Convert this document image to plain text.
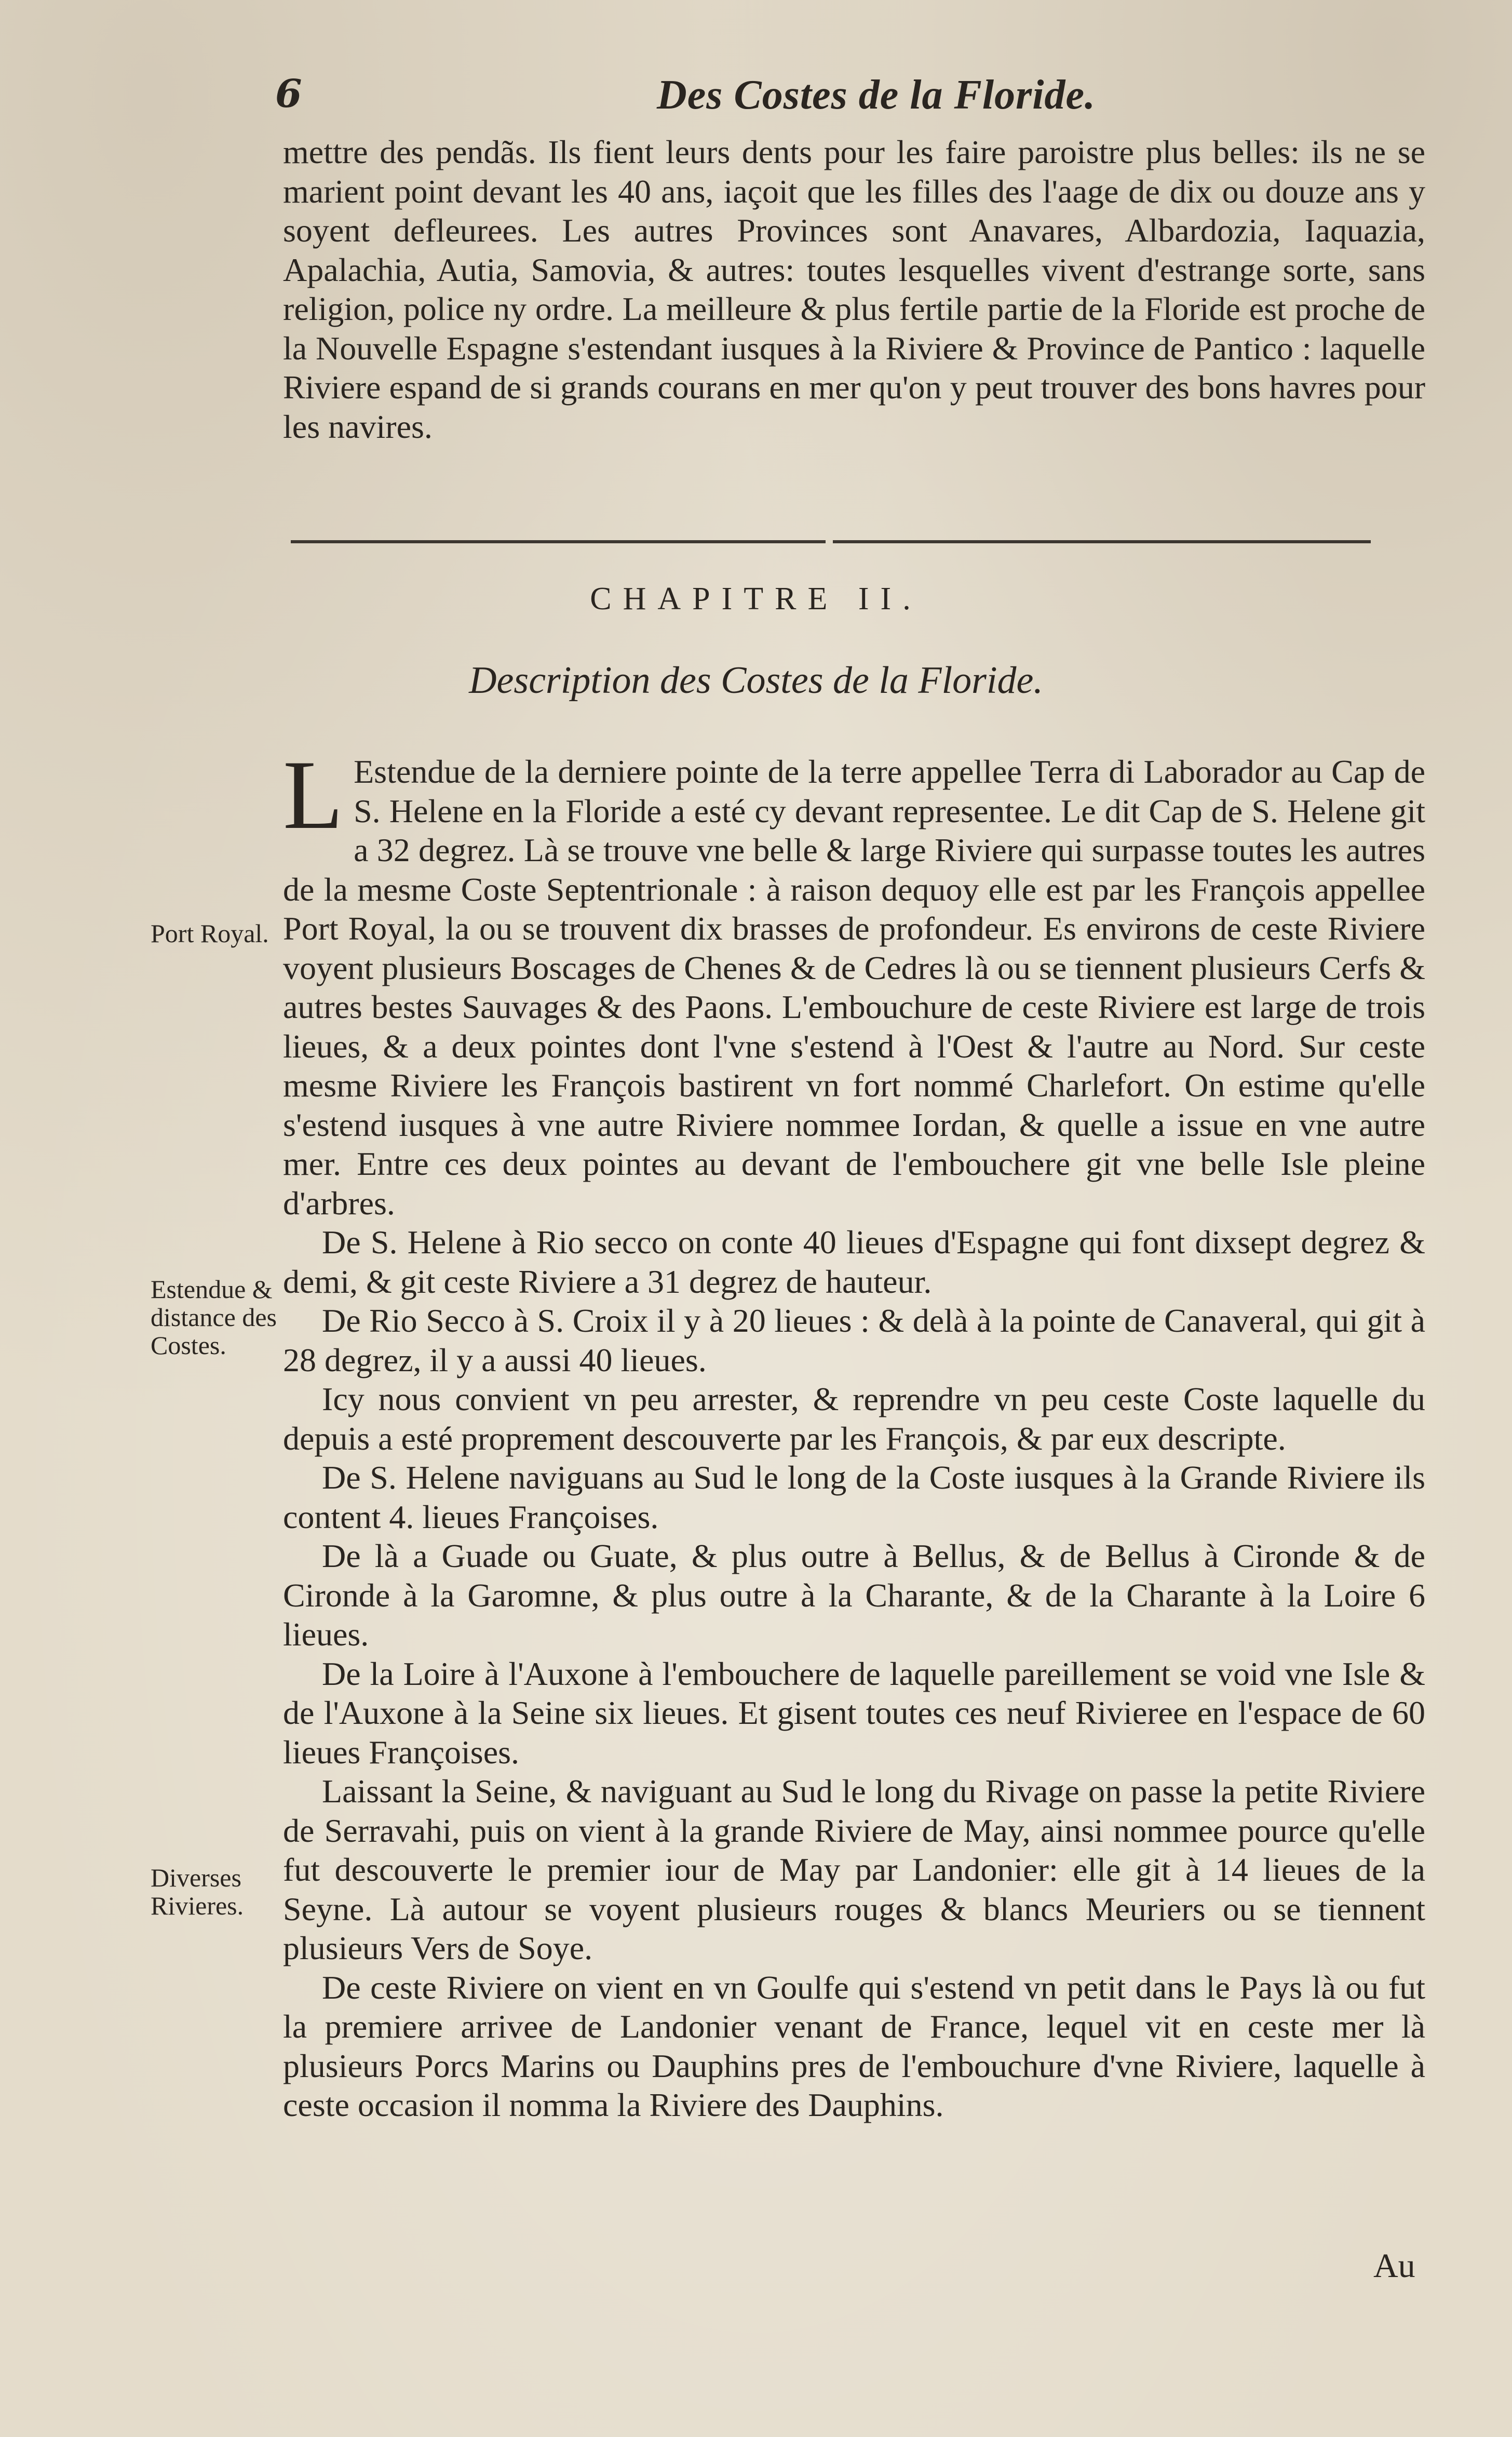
6	Des Costes de la Floride.

mettre des pendãs. Ils fient leurs dents pour les faire paroistre plus belles: ils ne se marient point devant les 40 ans, iaçoit que les filles des l'aage de dix ou douze ans y soyent defleurees. Les autres Provinces sont Anavares, Albardozia, Iaquazia, Apalachia, Autia, Samovia, & autres: toutes lesquelles vivent d'estrange sorte, sans religion, police ny ordre. La meilleure & plus fertile partie de la Floride est proche de la Nouvelle Espagne s'estendant iusques à la Riviere & Province de Pantico : laquelle Riviere espand de si grands courans en mer qu'on y peut trouver des bons havres pour les navires.

CHAPITRE II.
Description des Costes de la Floride.

L Estendue de la derniere pointe de la terre appellee Terra di Laborador au Cap de S. Helene en la Floride a esté cy devant representee. Le dit Cap de S. Helene git a 32 degrez. Là se trouve vne belle & large Riviere qui surpasse toutes les autres de la mesme Coste Septentrionale : à raison dequoy elle est par les François appellee Port Royal, la ou se trouvent dix brasses de profondeur. Es environs de ceste Riviere voyent plusieurs Boscages de Chenes & de Cedres là ou se tiennent plusieurs Cerfs & autres bestes Sauvages & des Paons. L'embouchure de ceste Riviere est large de trois lieues, & a deux pointes dont l'vne s'estend à l'Oest & l'autre au Nord. Sur ceste mesme Riviere les François bastirent vn fort nommé Charlefort. On estime qu'elle s'estend iusques à vne autre Riviere nommee Iordan, & quelle a issue en vne autre mer. Entre ces deux pointes au devant de l'embouchere git vne belle Isle pleine d'arbres.

De S. Helene à Rio secco on conte 40 lieues d'Espagne qui font dixsept degrez & demi, & git ceste Riviere a 31 degrez de hauteur.

De Rio Secco à S. Croix il y à 20 lieues : & delà à la pointe de Canaveral, qui git à 28 degrez, il y a aussi 40 lieues.

Icy nous convient vn peu arrester, & reprendre vn peu ceste Coste laquelle du depuis a esté proprement descouverte par les François, & par eux descripte.

De S. Helene naviguans au Sud le long de la Coste iusques à la Grande Riviere ils content 4. lieues Françoises.

De là a Guade ou Guate, & plus outre à Bellus, & de Bellus à Cironde & de Cironde à la Garomne, & plus outre à la Charante, & de la Charante à la Loire 6 lieues.

De la Loire à l'Auxone à l'embouchere de laquelle pareillement se void vne Isle & de l'Auxone à la Seine six lieues. Et gisent toutes ces neuf Rivieree en l'espace de 60 lieues Françoises.

Laissant la Seine, & naviguant au Sud le long du Rivage on passe la petite Riviere de Serravahi, puis on vient à la grande Riviere de May, ainsi nommee pource qu'elle fut descouverte le premier iour de May par Landonier: elle git à 14 lieues de la Seyne. Là autour se voyent plusieurs rouges & blancs Meuriers ou se tiennent plusieurs Vers de Soye.

De ceste Riviere on vient en vn Goulfe qui s'estend vn petit dans le Pays là ou fut la premiere arrivee de Landonier venant de France, lequel vit en ceste mer là plusieurs Porcs Marins ou Dauphins pres de l'embouchure d'vne Riviere, laquelle à ceste occasion il nomma la Riviere des Dauphins.

Port Royal.
Estendue & distance des Costes.
Diverses Rivieres.
Au
